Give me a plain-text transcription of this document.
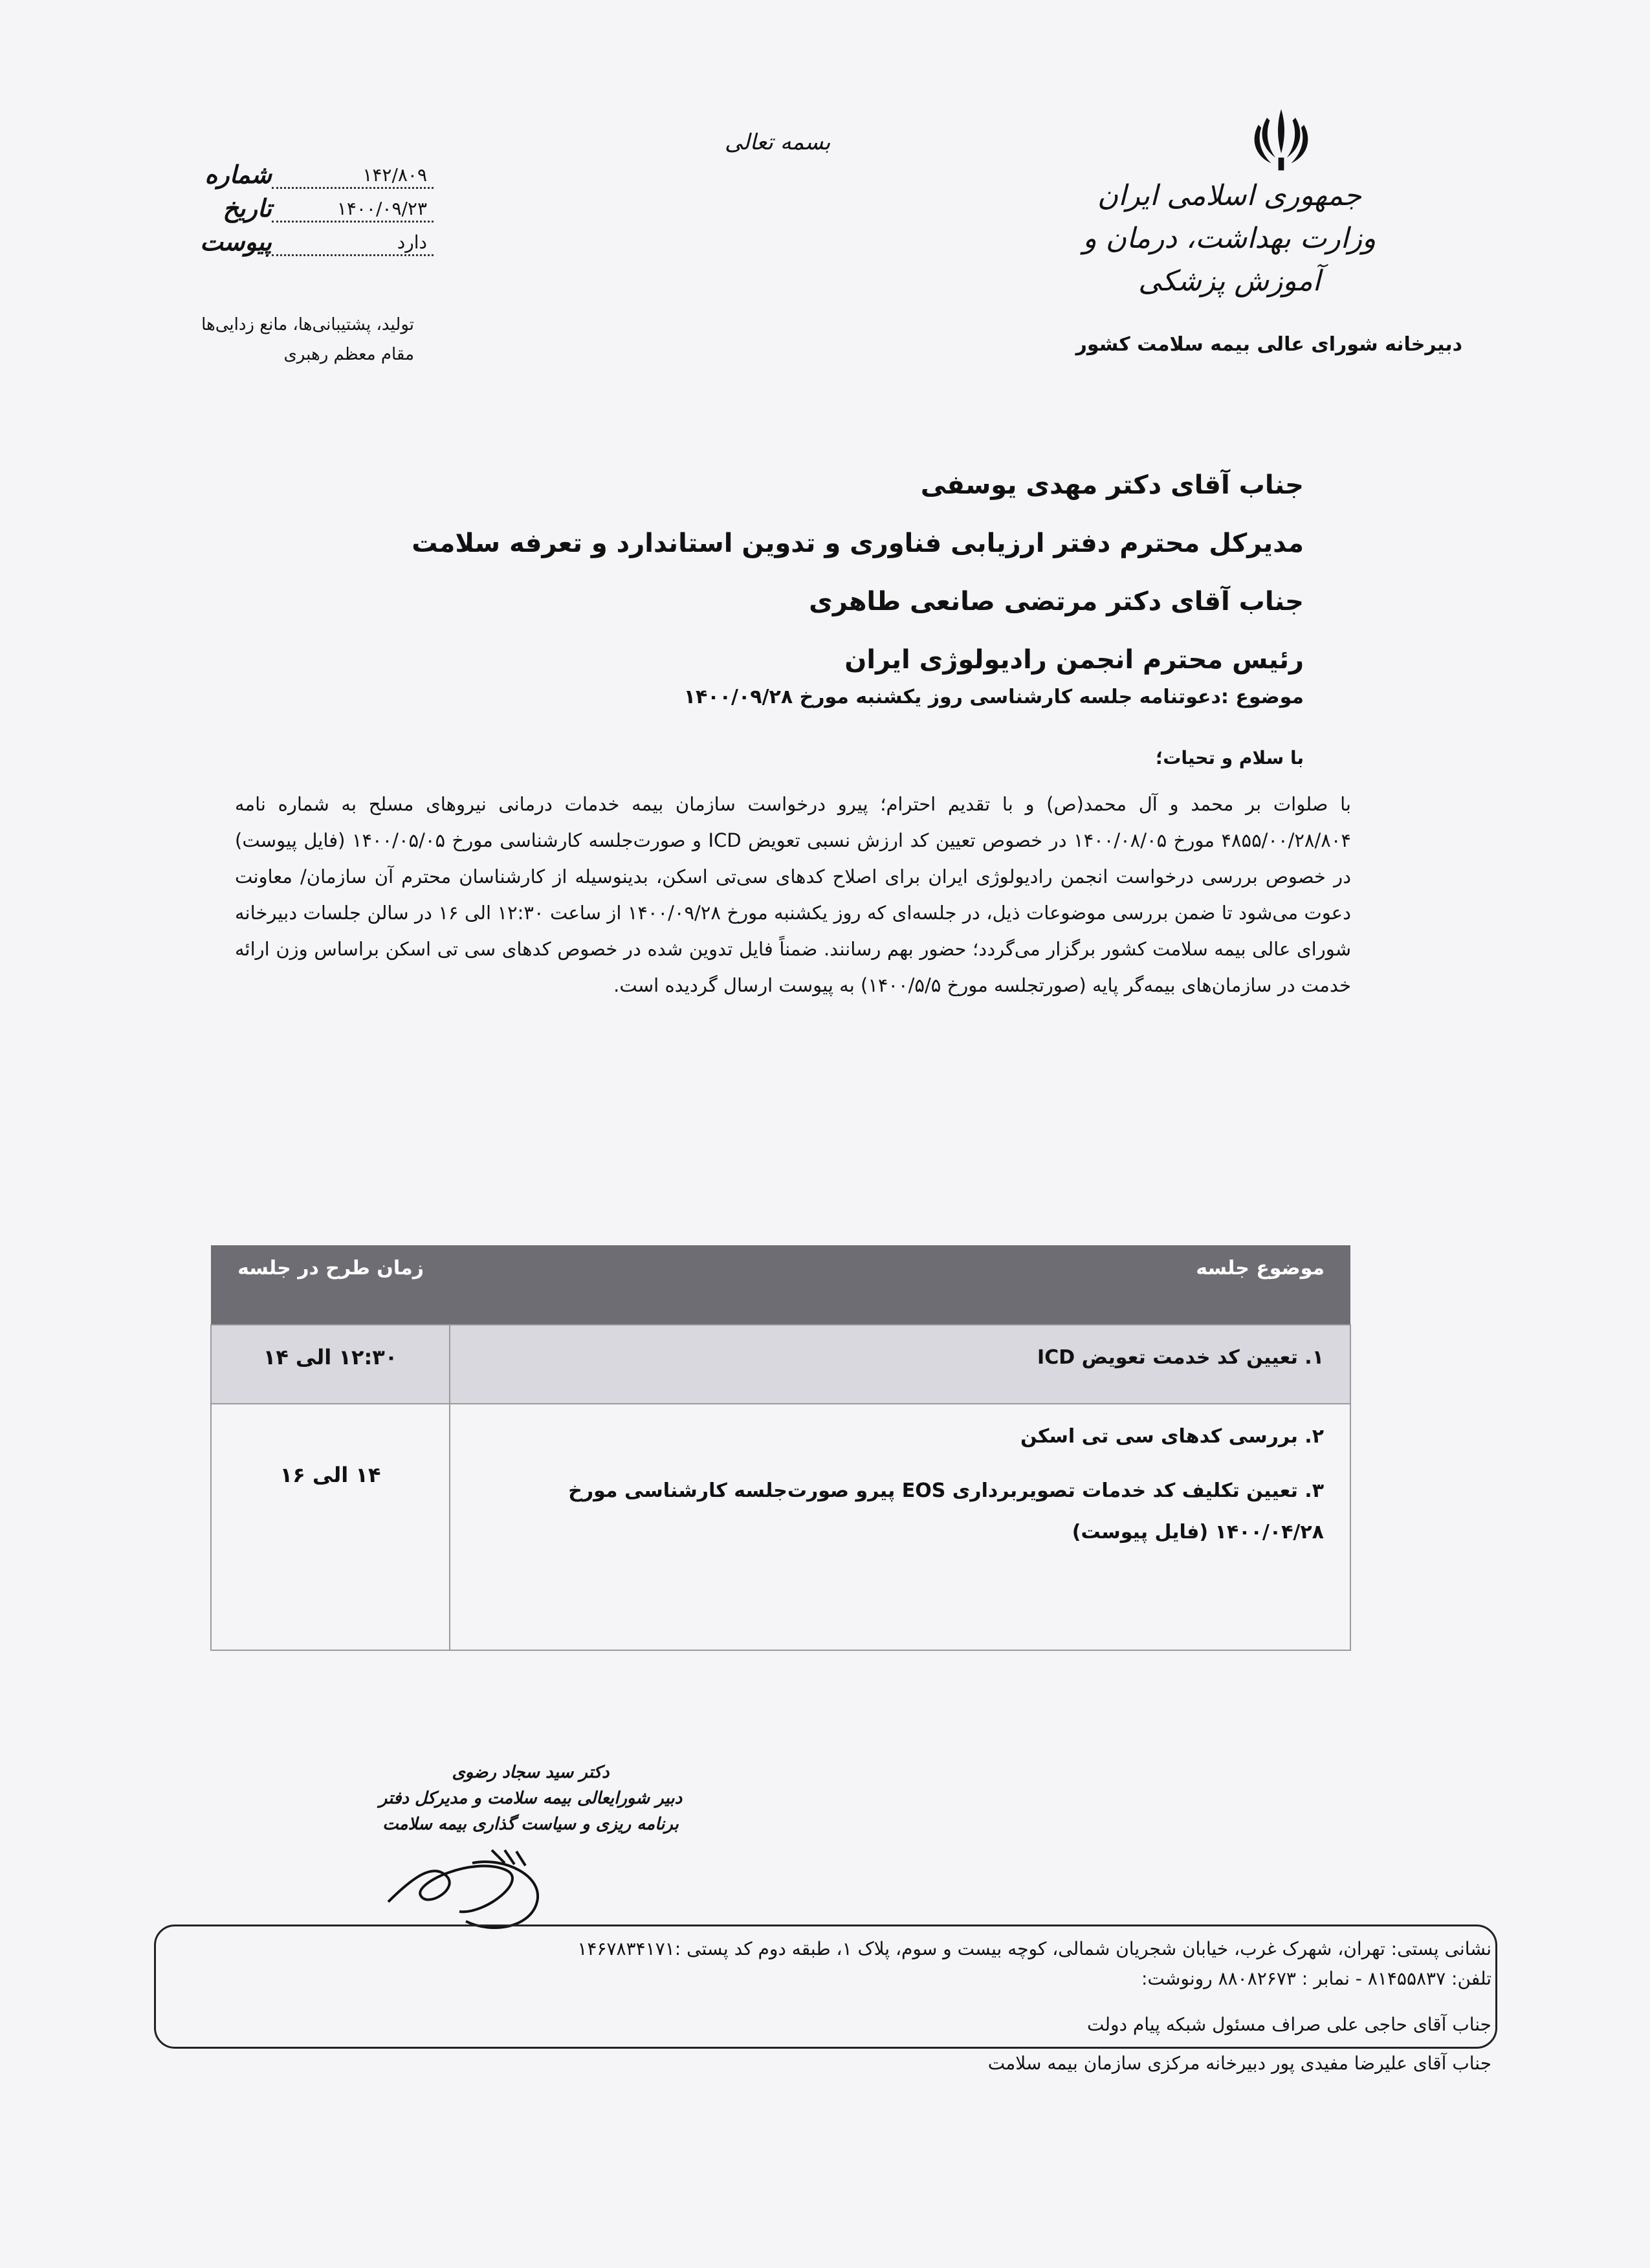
بسمه تعالی
جمهوری اسلامی ایران
وزارت بهداشت، درمان و آموزش پزشکی
دبیرخانه شورای عالی بیمه سلامت کشور
شماره	۱۴۲/۸۰۹
تاریخ	۱۴۰۰/۰۹/۲۳
پیوست	دارد
تولید، پشتیبانی‌ها، مانع زدایی‌ها
مقام معظم رهبری
جناب آقای دکتر مهدی یوسفی
مدیرکل محترم دفتر ارزیابی فناوری و تدوین استاندارد و تعرفه سلامت
جناب آقای دکتر مرتضی صانعی طاهری
رئیس محترم انجمن رادیولوژی ایران
موضوع :دعوتنامه جلسه کارشناسی روز یکشنبه مورخ ۱۴۰۰/۰۹/۲۸
با سلام و تحیات؛
با صلوات بر محمد و آل محمد(ص) و با تقدیم احترام؛ پیرو درخواست سازمان بیمه خدمات درمانی نیروهای مسلح به شماره نامه ۴۸۵۵/۰۰/۲۸/۸۰۴ مورخ ۱۴۰۰/۰۸/۰۵ در خصوص تعیین کد ارزش نسبی تعویض ICD و صورت‌جلسه کارشناسی مورخ ۱۴۰۰/۰۵/۰۵ (فایل پیوست) در خصوص بررسی درخواست انجمن رادیولوژی ایران برای اصلاح کدهای سی‌تی اسکن، بدینوسیله از کارشناسان محترم آن سازمان/ معاونت دعوت می‌شود تا ضمن بررسی موضوعات ذیل، در جلسه‌ای که روز یکشنبه مورخ ۱۴۰۰/۰۹/۲۸ از ساعت ۱۲:۳۰ الی ۱۶ در سالن جلسات دبیرخانه شورای عالی بیمه سلامت کشور برگزار می‌گردد؛ حضور بهم رسانند. ضمناً فایل تدوین شده در خصوص کدهای سی تی اسکن براساس وزن ارائه خدمت در سازمان‌های بیمه‌گر پایه (صورتجلسه مورخ ۱۴۰۰/۵/۵) به پیوست ارسال گردیده است.
موضوع جلسه	زمان طرح در جلسه

۱. تعیین کد خدمت تعویض ICD	۱۲:۳۰ الی ۱۴

۲. بررسی کدهای سی تی اسکن
۳. تعیین تکلیف کد خدمات تصویربرداری EOS پیرو صورت‌جلسه کارشناسی مورخ ۱۴۰۰/۰۴/۲۸ (فایل پیوست)	۱۴ الی ۱۶
دکتر سید سجاد رضوی
دبیر شورایعالی بیمه سلامت و مدیرکل دفتر
برنامه ریزی و سیاست گذاری بیمه سلامت
نشانی پستی: تهران، شهرک غرب، خیابان شجریان شمالی، کوچه بیست و سوم، پلاک ۱، طبقه دوم کد پستی :۱۴۶۷۸۳۴۱۷۱
تلفن: ۸۱۴۵۵۸۳۷ - نمابر : ۸۸۰۸۲۶۷۳ رونوشت:
جناب آقای حاجی علی صراف مسئول شبکه پیام دولت
جناب آقای علیرضا مفیدی پور دبیرخانه مرکزی سازمان بیمه سلامت
